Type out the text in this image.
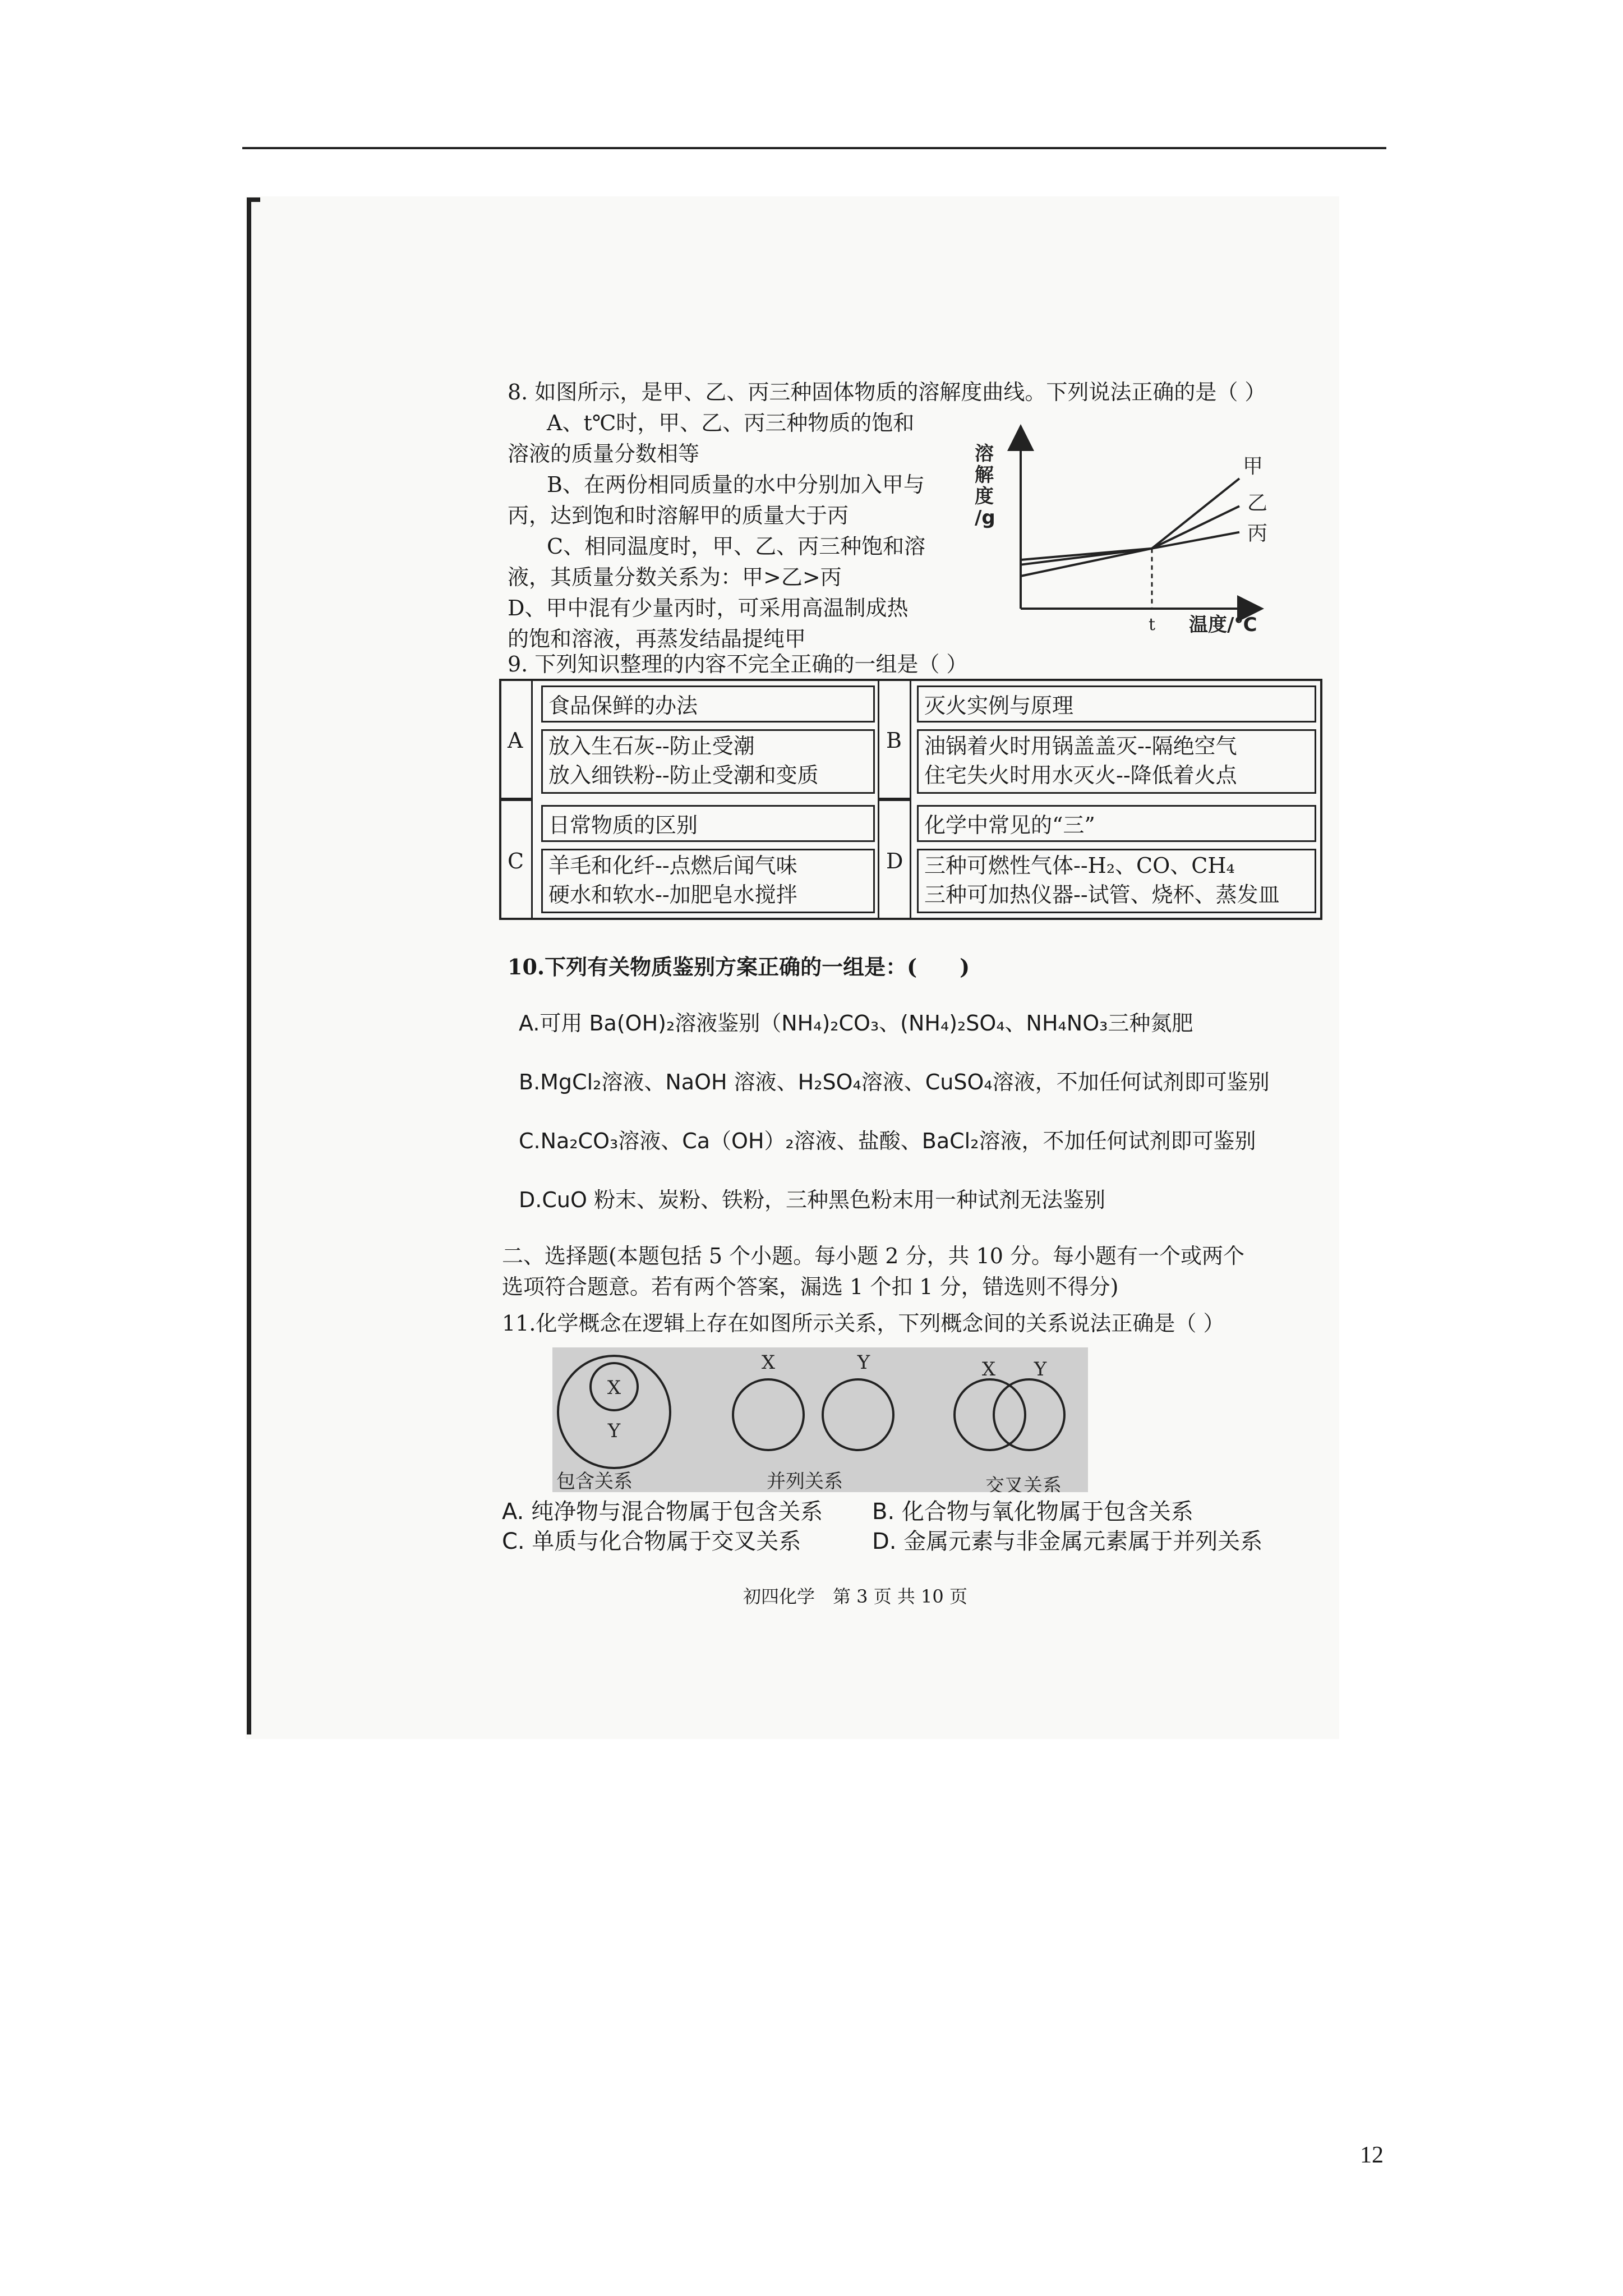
8. 如图所示，是甲、乙、丙三种固体物质的溶解度曲线。下列说法正确的是（ ）
A、t℃时，甲、乙、丙三种物质的饱和
溶液的质量分数相等
B、在两份相同质量的水中分别加入甲与
丙，达到饱和时溶解甲的质量大于丙
C、相同温度时，甲、乙、丙三种饱和溶
液，其质量分数关系为：甲>乙>丙
D、甲中混有少量丙时，可采用高温制成热
的饱和溶液，再蒸发结晶提纯甲
溶解度/g
t 温度/℃
甲
乙
丙
9. 下列知识整理的内容不完全正确的一组是（ ）
A
食品保鲜的办法
放入生石灰--防止受潮
放入细铁粉--防止受潮和变质
B
灭火实例与原理
油锅着火时用锅盖盖灭--隔绝空气
住宅失火时用水灭火--降低着火点
C
日常物质的区别
羊毛和化纤--点燃后闻气味
硬水和软水--加肥皂水搅拌
D
化学中常见的“三”
三种可燃性气体--H₂、CO、CH₄
三种可加热仪器--试管、烧杯、蒸发皿
10.下列有关物质鉴别方案正确的一组是：(　　)
A.可用 Ba(OH)₂溶液鉴别（NH₄)₂CO₃、(NH₄)₂SO₄、NH₄NO₃三种氮肥
B.MgCl₂溶液、NaOH 溶液、H₂SO₄溶液、CuSO₄溶液，不加任何试剂即可鉴别
C.Na₂CO₃溶液、Ca（OH）₂溶液、盐酸、BaCl₂溶液，不加任何试剂即可鉴别
D.CuO 粉末、炭粉、铁粉，三种黑色粉末用一种试剂无法鉴别
二、选择题(本题包括 5 个小题。每小题 2 分，共 10 分。每小题有一个或两个
选项符合题意。若有两个答案，漏选 1 个扣 1 分，错选则不得分)
11.化学概念在逻辑上存在如图所示关系，下列概念间的关系说法正确是（ ）
X
Y
包含关系
X	Y
并列关系
X Y
交叉关系
A. 纯净物与混合物属于包含关系 B. 化合物与氧化物属于包含关系
C. 单质与化合物属于交叉关系	D. 金属元素与非金属元素属于并列关系
初四化学　第 3 页 共 10 页
12
